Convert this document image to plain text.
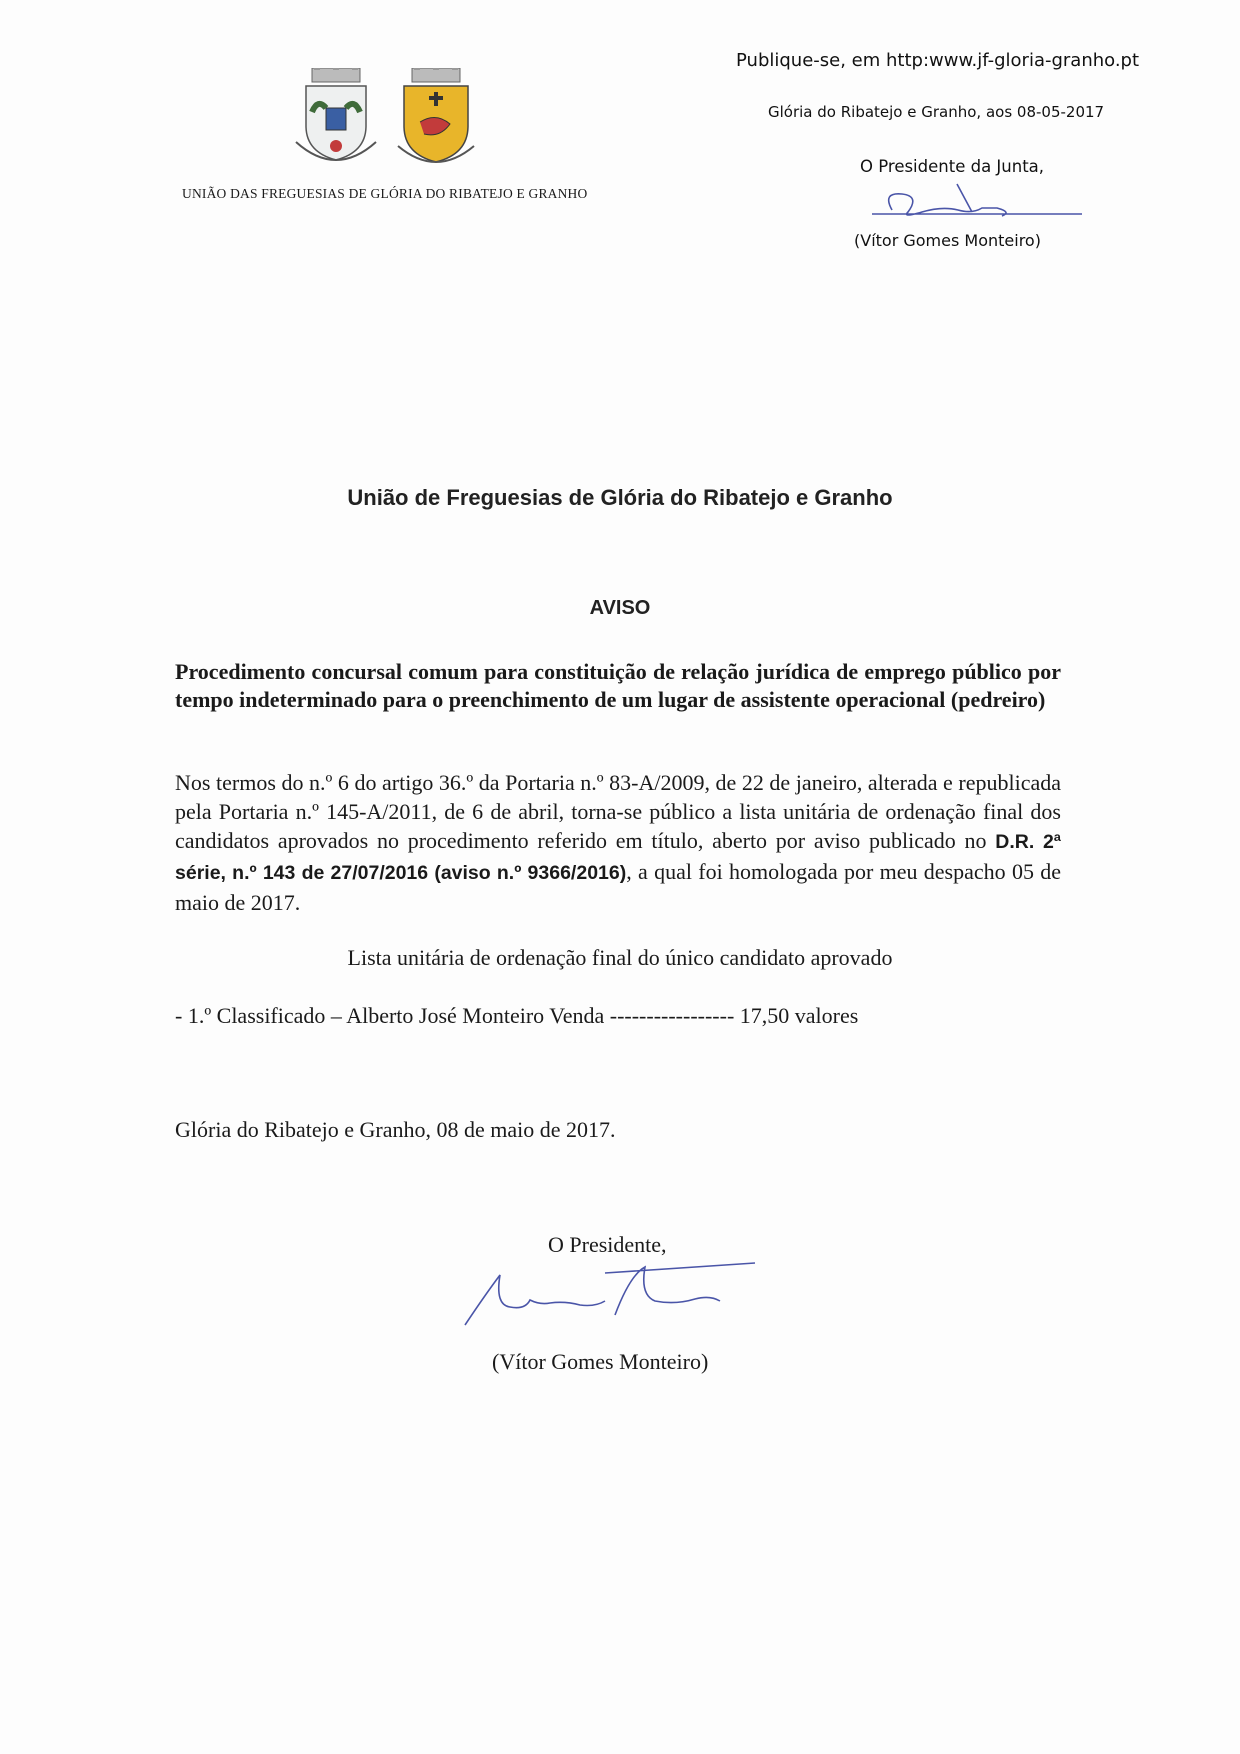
UNIÃO DAS FREGUESIAS DE GLÓRIA DO RIBATEJO E GRANHO
Publique-se, em http:www.jf-gloria-granho.pt
Glória do Ribatejo e Granho, aos 08-05-2017
O Presidente da Junta,
(Vítor Gomes Monteiro)
União de Freguesias de Glória do Ribatejo e Granho
AVISO
Procedimento concursal comum para constituição de relação jurídica de emprego público por tempo indeterminado para o preenchimento de um lugar de assistente operacional (pedreiro)
Nos termos do n.º 6 do artigo 36.º da Portaria n.º 83-A/2009, de 22 de janeiro, alterada e republicada pela Portaria n.º 145-A/2011, de 6 de abril, torna-se público a lista unitária de ordenação final dos candidatos aprovados no procedimento referido em título, aberto por aviso publicado no D.R. 2ª série, n.º 143 de 27/07/2016 (aviso n.º 9366/2016), a qual foi homologada por meu despacho 05 de maio de 2017.
Lista unitária de ordenação final do único candidato aprovado
- 1.º Classificado – Alberto José Monteiro Venda ----------------- 17,50 valores
Glória do Ribatejo e Granho, 08 de maio de 2017.
O Presidente,
(Vítor Gomes Monteiro)
